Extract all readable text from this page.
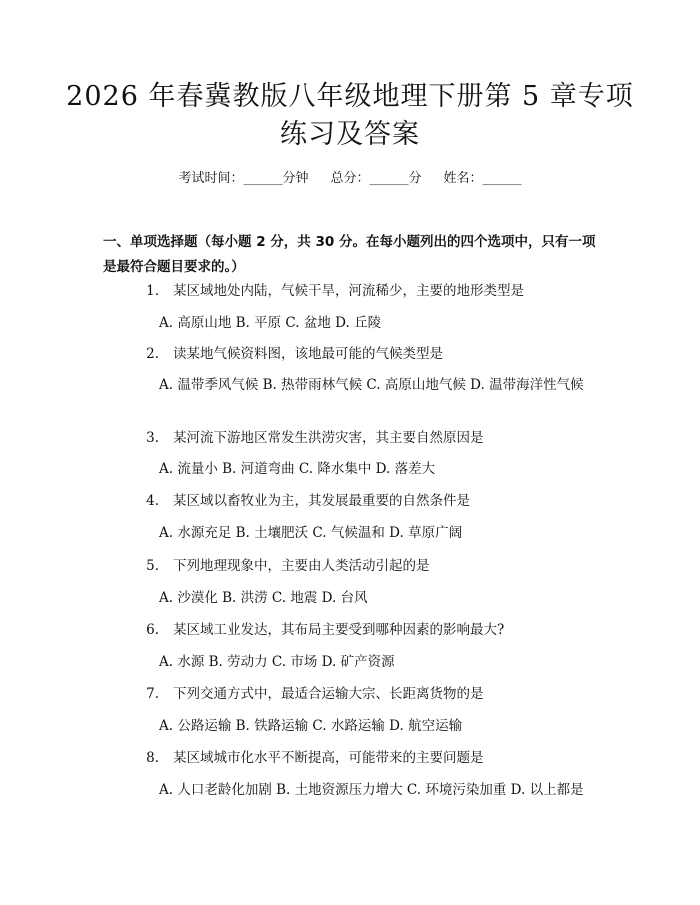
2026 年春冀教版八年级地理下册第 5 章专项练习及答案
考试时间：______分钟 总分：______分 姓名：______
一、单项选择题（每小题 2 分，共 30 分。在每小题列出的四个选项中，只有一项是最符合题目要求的。）
1. 某区域地处内陆，气候干旱，河流稀少，主要的地形类型是
A. 高原山地 B. 平原 C. 盆地 D. 丘陵
2. 读某地气候资料图，该地最可能的气候类型是
A. 温带季风气候 B. 热带雨林气候 C. 高原山地气候 D. 温带海洋性气候
3. 某河流下游地区常发生洪涝灾害，其主要自然原因是
A. 流量小 B. 河道弯曲 C. 降水集中 D. 落差大
4. 某区域以畜牧业为主，其发展最重要的自然条件是
A. 水源充足 B. 土壤肥沃 C. 气候温和 D. 草原广阔
5. 下列地理现象中，主要由人类活动引起的是
A. 沙漠化 B. 洪涝 C. 地震 D. 台风
6. 某区域工业发达，其布局主要受到哪种因素的影响最大?
A. 水源 B. 劳动力 C. 市场 D. 矿产资源
7. 下列交通方式中，最适合运输大宗、长距离货物的是
A. 公路运输 B. 铁路运输 C. 水路运输 D. 航空运输
8. 某区域城市化水平不断提高，可能带来的主要问题是
A. 人口老龄化加剧 B. 土地资源压力增大 C. 环境污染加重 D. 以上都是
